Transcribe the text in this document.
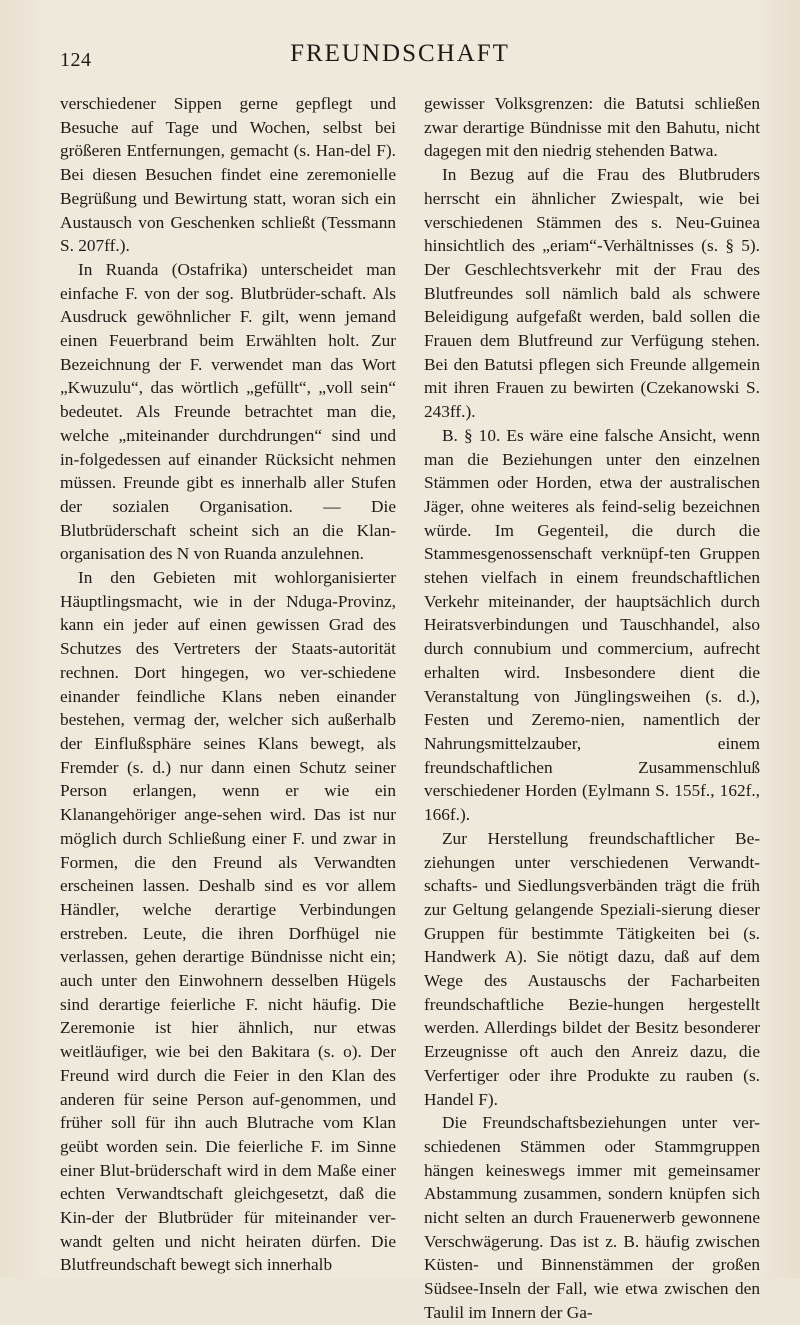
124	FREUNDSCHAFT

verschiedener Sippen gerne gepflegt und Besuche auf Tage und Wochen, selbst bei größeren Entfernungen, gemacht (s. Han-del F). Bei diesen Besuchen findet eine zeremonielle Begrüßung und Bewirtung statt, woran sich ein Austausch von Geschenken schließt (Tessmann S. 207ff.).

In Ruanda (Ostafrika) unterscheidet man einfache F. von der sog. Blutbrüder-schaft. Als Ausdruck gewöhnlicher F. gilt, wenn jemand einen Feuerbrand beim Erwählten holt. Zur Bezeichnung der F. verwendet man das Wort „Kwuzulu“, das wörtlich „gefüllt“, „voll sein“ bedeutet. Als Freunde betrachtet man die, welche „miteinander durchdrungen“ sind und in-folgedessen auf einander Rücksicht nehmen müssen. Freunde gibt es innerhalb aller Stufen der sozialen Organisation. — Die Blutbrüderschaft scheint sich an die Klan-organisation des N von Ruanda anzulehnen.

In den Gebieten mit wohlorganisierter Häuptlingsmacht, wie in der Nduga-Provinz, kann ein jeder auf einen gewissen Grad des Schutzes des Vertreters der Staats-autorität rechnen. Dort hingegen, wo ver-schiedene einander feindliche Klans neben einander bestehen, vermag der, welcher sich außerhalb der Einflußsphäre seines Klans bewegt, als Fremder (s. d.) nur dann einen Schutz seiner Person erlangen, wenn er wie ein Klanangehöriger ange-sehen wird. Das ist nur möglich durch Schließung einer F. und zwar in Formen, die den Freund als Verwandten erscheinen lassen. Deshalb sind es vor allem Händler, welche derartige Verbindungen erstreben. Leute, die ihren Dorfhügel nie verlassen, gehen derartige Bündnisse nicht ein; auch unter den Einwohnern desselben Hügels sind derartige feierliche F. nicht häufig. Die Zeremonie ist hier ähnlich, nur etwas weitläufiger, wie bei den Bakitara (s. o). Der Freund wird durch die Feier in den Klan des anderen für seine Person auf-genommen, und früher soll für ihn auch Blutrache vom Klan geübt worden sein. Die feierliche F. im Sinne einer Blut-brüderschaft wird in dem Maße einer echten Verwandtschaft gleichgesetzt, daß die Kin-der der Blutbrüder für miteinander ver-wandt gelten und nicht heiraten dürfen. Die Blutfreundschaft bewegt sich innerhalb

gewisser Volksgrenzen: die Batutsi schließen zwar derartige Bündnisse mit den Bahutu, nicht dagegen mit den niedrig stehenden Batwa.

In Bezug auf die Frau des Blutbruders herrscht ein ähnlicher Zwiespalt, wie bei verschiedenen Stämmen des s. Neu-Guinea hinsichtlich des „eriam“-Verhältnisses (s. § 5). Der Geschlechtsverkehr mit der Frau des Blutfreundes soll nämlich bald als schwere Beleidigung aufgefaßt werden, bald sollen die Frauen dem Blutfreund zur Verfügung stehen. Bei den Batutsi pflegen sich Freunde allgemein mit ihren Frauen zu bewirten (Czekanowski S. 243ff.).

B. § 10. Es wäre eine falsche Ansicht, wenn man die Beziehungen unter den einzelnen Stämmen oder Horden, etwa der australischen Jäger, ohne weiteres als feind-selig bezeichnen würde. Im Gegenteil, die durch die Stammesgenossenschaft verknüpf-ten Gruppen stehen vielfach in einem freundschaftlichen Verkehr miteinander, der hauptsächlich durch Heiratsverbindungen und Tauschhandel, also durch connubium und commercium, aufrecht erhalten wird. Insbesondere dient die Veranstaltung von Jünglingsweihen (s. d.), Festen und Zeremo-nien, namentlich der Nahrungsmittelzauber, einem freundschaftlichen Zusammenschluß verschiedener Horden (Eylmann S. 155f., 162f., 166f.).

Zur Herstellung freundschaftlicher Be-ziehungen unter verschiedenen Verwandt-schafts- und Siedlungsverbänden trägt die früh zur Geltung gelangende Speziali-sierung dieser Gruppen für bestimmte Tätigkeiten bei (s. Handwerk A). Sie nötigt dazu, daß auf dem Wege des Austauschs der Facharbeiten freundschaftliche Bezie-hungen hergestellt werden. Allerdings bildet der Besitz besonderer Erzeugnisse oft auch den Anreiz dazu, die Verfertiger oder ihre Produkte zu rauben (s. Handel F).

Die Freundschaftsbeziehungen unter ver-schiedenen Stämmen oder Stammgruppen hängen keineswegs immer mit gemeinsamer Abstammung zusammen, sondern knüpfen sich nicht selten an durch Frauenerwerb gewonnene Verschwägerung. Das ist z. B. häufig zwischen Küsten- und Binnenstämmen der großen Südsee-Inseln der Fall, wie etwa zwischen den Taulil im Innern der Ga-
